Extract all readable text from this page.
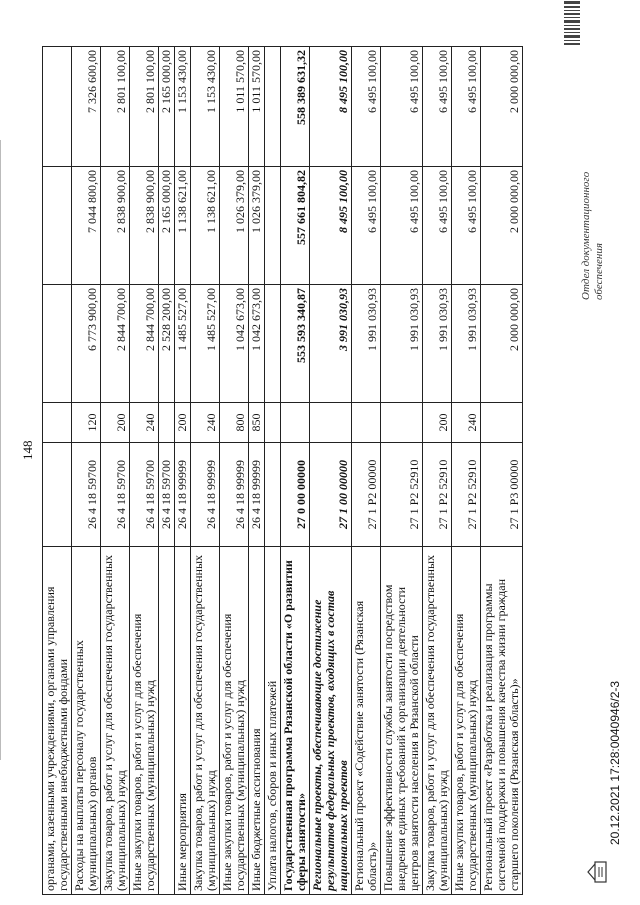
148
органами, казенными учреждениями, органами управления государственными внебюджетными фондами					
Расходы на выплаты персоналу государственных (муниципальных) органов	26 4 18 59700	120	6 773 900,00	7 044 800,00	7 326 600,00
Закупка товаров, работ и услуг для обеспечения государственных (муниципальных) нужд	26 4 18 59700	200	2 844 700,00	2 838 900,00	2 801 100,00
Иные закупки товаров, работ и услуг для обеспечения государственных (муниципальных) нужд	26 4 18 59700	240	2 844 700,00	2 838 900,00	2 801 100,00
	26 4 18 59700		2 528 200,00	2 165 000,00	2 165 000,00
Иные мероприятия	26 4 18 99999	200	1 485 527,00	1 138 621,00	1 153 430,00
Закупка товаров, работ и услуг для обеспечения государственных (муниципальных) нужд	26 4 18 99999	240	1 485 527,00	1 138 621,00	1 153 430,00
Иные закупки товаров, работ и услуг для обеспечения государственных (муниципальных) нужд	26 4 18 99999	800	1 042 673,00	1 026 379,00	1 011 570,00
Иные бюджетные ассигнования	26 4 18 99999	850	1 042 673,00	1 026 379,00	1 011 570,00
Уплата налогов, сборов и иных платежей					
Государственная программа Рязанской области «О развитии сферы занятости»	27 0 00 00000		553 593 340,87	557 661 804,82	558 389 631,32
Региональные проекты, обеспечивающие достижение результатов федеральных проектов, входящих в состав национальных проектов	27 1 00 00000		3 991 030,93	8 495 100,00	8 495 100,00
Региональный проект «Содействие занятости (Рязанская область)»	27 1 P2 00000		1 991 030,93	6 495 100,00	6 495 100,00
Повышение эффективности службы занятости посредством внедрения единых требований к организации деятельности центров занятости населения в Рязанской области	27 1 P2 52910		1 991 030,93	6 495 100,00	6 495 100,00
Закупка товаров, работ и услуг для обеспечения государственных (муниципальных) нужд	27 1 P2 52910	200	1 991 030,93	6 495 100,00	6 495 100,00
Иные закупки товаров, работ и услуг для обеспечения государственных (муниципальных) нужд	27 1 P2 52910	240	1 991 030,93	6 495 100,00	6 495 100,00
Региональный проект «Разработка и реализация программы системной поддержки и повышения качества жизни граждан старшего поколения (Рязанская область)»	27 1 P3 00000		2 000 000,00	2 000 000,00	2 000 000,00
20.12.2021 17:28:00
40946/2-3
Отдел документационного обеспечения
